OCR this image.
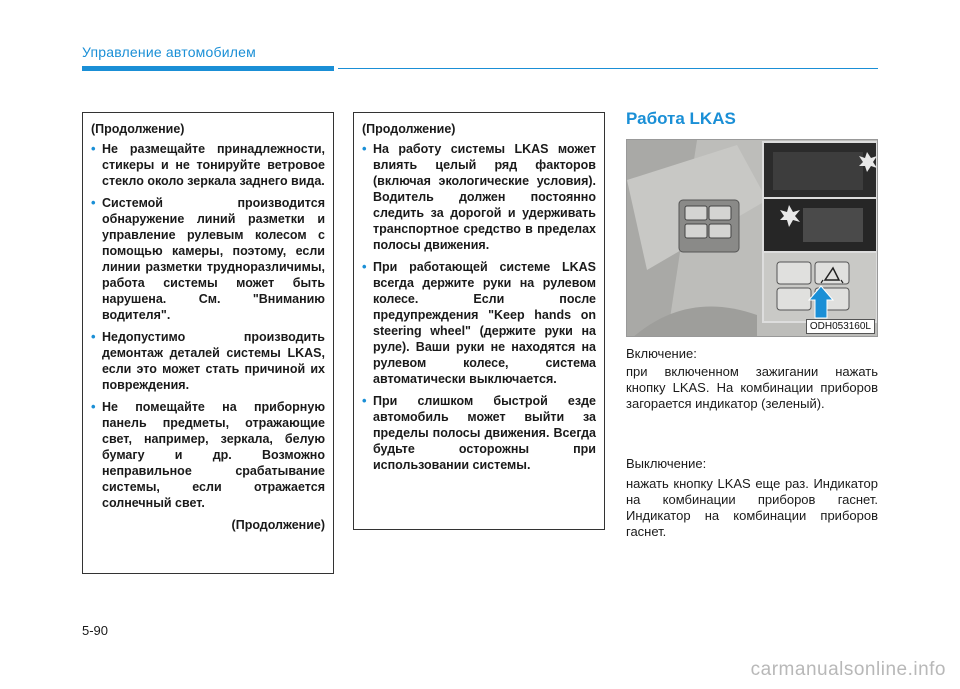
Управление автомобилем
(Продолжение)
• Не размещайте принадлежности, стикеры и не тонируйте ветровое стекло около зеркала заднего вида.
• Системой производится обнаружение линий разметки и управление рулевым колесом с помощью камеры, поэтому, если линии разметки трудноразличимы, работа системы может быть нарушена. См. "Вниманию водителя".
• Недопустимо производить демонтаж деталей системы LKAS, если это может стать причиной их повреждения.
• Не помещайте на приборную панель предметы, отражающие свет, например, зеркала, белую бумагу и др. Возможно неправильное срабатывание системы, если отражается солнечный свет.
(Продолжение)
(Продолжение)
• На работу системы LKAS может влиять целый ряд факторов (включая экологические условия). Водитель должен постоянно следить за дорогой и удерживать транспортное средство в пределах полосы движения.
• При работающей системе LKAS всегда держите руки на рулевом колесе. Если после предупреждения "Keep hands on steering wheel" (держите руки на руле). Ваши руки не находятся на рулевом колесе, система автоматически выключается.
• При слишком быстрой езде автомобиль может выйти за пределы полосы движения. Всегда будьте осторожны при использовании системы.
Работа LKAS
ODH053160L
Включение:
при включенном зажигании нажать кнопку LKAS. На комбинации приборов загорается индикатор (зеленый).
Выключение:
нажать кнопку LKAS еще раз. Индикатор на комбинации приборов гаснет. Индикатор на комбинации приборов гаснет.
5-90
carmanualsonline.info
